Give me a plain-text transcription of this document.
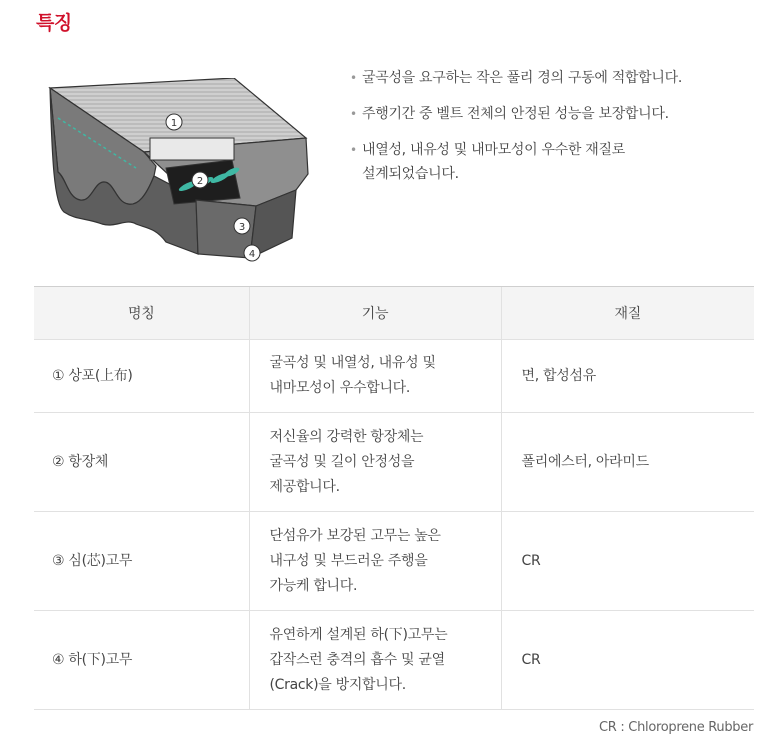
특징
1
2
3
4
• 굴곡성을 요구하는 작은 풀리 경의 구동에 적합합니다.
• 주행기간 중 벨트 전체의 안정된 성능을 보장합니다.
• 내열성, 내유성 및 내마모성이 우수한 재질로
설계되었습니다.
명칭	기능	재질
① 상포(上布)	굴곡성 및 내열성, 내유성 및
내마모성이 우수합니다.	면, 합성섬유
② 항장체	저신율의 강력한 항장체는
굴곡성 및 길이 안정성을
제공합니다.	폴리에스터, 아라미드
③ 심(芯)고무	단섬유가 보강된 고무는 높은
내구성 및 부드러운 주행을
가능케 합니다.	CR
④ 하(下)고무	유연하게 설계된 하(下)고무는
갑작스런 충격의 흡수 및 균열
(Crack)을 방지합니다.	CR
CR : Chloroprene Rubber
